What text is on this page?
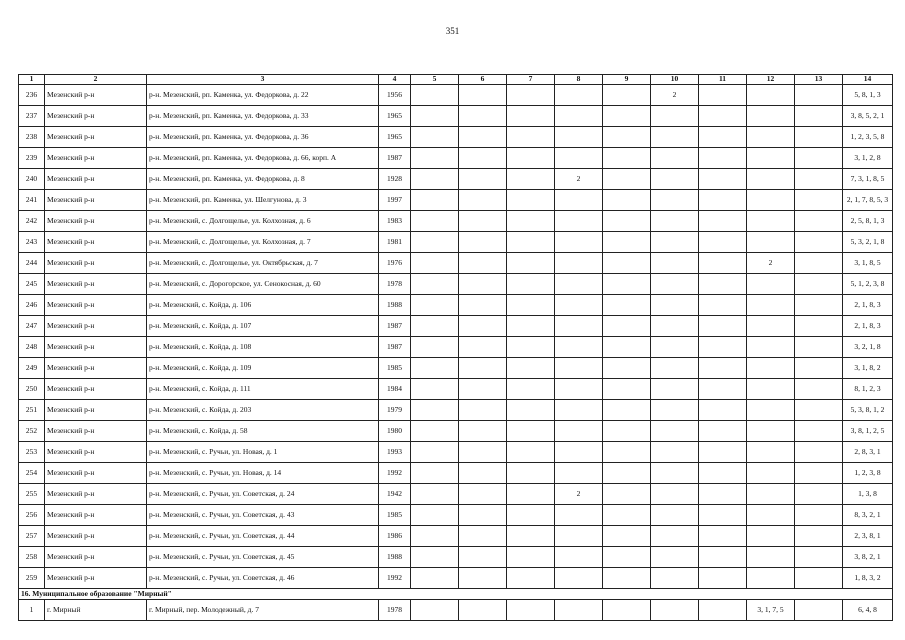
351
1	2	3	4	5	6	7	8	9	10	11	12	13	14
236	Мезенский р-н	р-н. Мезенский, рп. Каменка, ул. Федоркова, д. 22	1956						2				5, 8, 1, 3
237	Мезенский р-н	р-н. Мезенский, рп. Каменка, ул. Федоркова, д. 33	1965										3, 8, 5, 2, 1
238	Мезенский р-н	р-н. Мезенский, рп. Каменка, ул. Федоркова, д. 36	1965										1, 2, 3, 5, 8
239	Мезенский р-н	р-н. Мезенский, рп. Каменка, ул. Федоркова, д. 66, корп. А	1987										3, 1, 2, 8
240	Мезенский р-н	р-н. Мезенский, рп. Каменка, ул. Федоркова, д. 8	1928				2						7, 3, 1, 8, 5
241	Мезенский р-н	р-н. Мезенский, рп. Каменка, ул. Шелгунова, д. 3	1997										2, 1, 7, 8, 5, 3
242	Мезенский р-н	р-н. Мезенский, с. Долгощелье, ул. Колхозная, д. 6	1983										2, 5, 8, 1, 3
243	Мезенский р-н	р-н. Мезенский, с. Долгощелье, ул. Колхозная, д. 7	1981										5, 3, 2, 1, 8
244	Мезенский р-н	р-н. Мезенский, с. Долгощелье, ул. Октябрьская, д. 7	1976								2		3, 1, 8, 5
245	Мезенский р-н	р-н. Мезенский, с. Дорогорское, ул. Сенокосная, д. 60	1978										5, 1, 2, 3, 8
246	Мезенский р-н	р-н. Мезенский, с. Койда, д. 106	1988										2, 1, 8, 3
247	Мезенский р-н	р-н. Мезенский, с. Койда, д. 107	1987										2, 1, 8, 3
248	Мезенский р-н	р-н. Мезенский, с. Койда, д. 108	1987										3, 2, 1, 8
249	Мезенский р-н	р-н. Мезенский, с. Койда, д. 109	1985										3, 1, 8, 2
250	Мезенский р-н	р-н. Мезенский, с. Койда, д. 111	1984										8, 1, 2, 3
251	Мезенский р-н	р-н. Мезенский, с. Койда, д. 203	1979										5, 3, 8, 1, 2
252	Мезенский р-н	р-н. Мезенский, с. Койда, д. 58	1980										3, 8, 1, 2, 5
253	Мезенский р-н	р-н. Мезенский, с. Ручьи, ул. Новая, д. 1	1993										2, 8, 3, 1
254	Мезенский р-н	р-н. Мезенский, с. Ручьи, ул. Новая, д. 14	1992										1, 2, 3, 8
255	Мезенский р-н	р-н. Мезенский, с. Ручьи, ул. Советская, д. 24	1942				2						1, 3, 8
256	Мезенский р-н	р-н. Мезенский, с. Ручьи, ул. Советская, д. 43	1985										8, 3, 2, 1
257	Мезенский р-н	р-н. Мезенский, с. Ручьи, ул. Советская, д. 44	1986										2, 3, 8, 1
258	Мезенский р-н	р-н. Мезенский, с. Ручьи, ул. Советская, д. 45	1988										3, 8, 2, 1
259	Мезенский р-н	р-н. Мезенский, с. Ручьи, ул. Советская, д. 46	1992										1, 8, 3, 2
16. Муниципальное образование "Мирный"													
1	г. Мирный	г. Мирный, пер. Молодежный, д. 7	1978								3, 1, 7, 5		6, 4, 8
